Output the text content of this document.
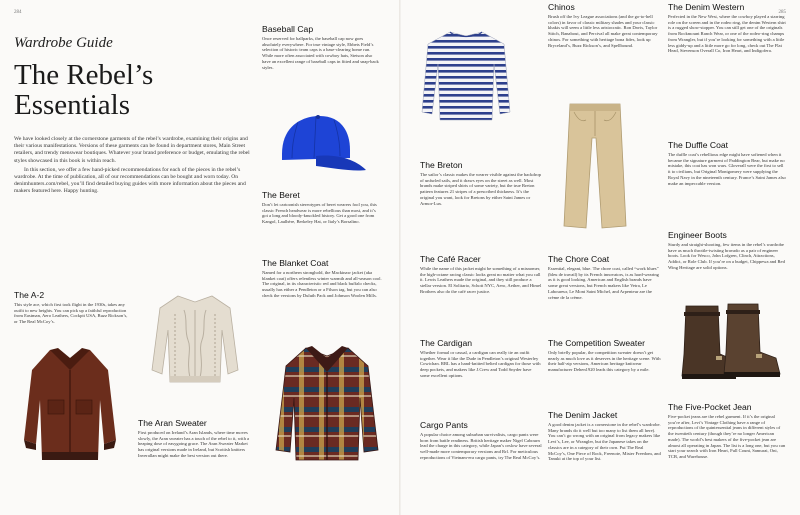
284	285
Wardrobe Guide
The Rebel’s
Essentials

We have looked closely at the cornerstone garments of the rebel’s wardrobe, examining their origins and their various manifestations. Versions of these garments can be found in department stores, Main Street retailers, and trendy menswear boutiques. Whatever your brand preference or budget, emulating the rebel styles showcased in this book is within reach.

In this section, we offer a few hand-picked recommendations for each of the pieces in the rebel’s wardrobe. At the time of publication, all of our recommendations can be bought and worn today. On denimhunters.com/rebel, you’ll find detailed buying guides with more information about the pieces and makers featured here. Happy hunting.

The A-2
This style ace, which first took flight in the 1930s, takes any outfit to new heights. You can pick up a faithful reproduction from Eastman, Aero Leathers, Cockpit USA, Buzz Rickson’s, or The Real McCoy’s.
The Aran Sweater
First produced on Ireland’s Aran Islands, where time moves slowly, the Aran sweater has a touch of the rebel to it, with a heaping dose of easygoing grace. The Aran Sweater Market has original versions made in Ireland, but Scottish knitters Inverallan might make the best version out there.
Baseball Cap
Once reserved for ballparks, the baseball cap now goes absolutely everywhere. For true vintage style, Ebbets Field’s selection of historic team caps is a base-clearing home run. While more often associated with cowboy hats, Stetson also have an excellent range of baseball caps in fitted and snap-back styles.
The Beret
Don’t let cartoonish stereotypes of beret wearers fool you, this classic French headwear is more rebellious than most, and it’s got a long and bloody-knuckled history. Get a good one from Kangol, Laulhère, Berkeley Hat, or Italy’s Borsalino.
The Blanket Coat
Named for a northern stronghold, the Mackinaw jacket (aka blanket coat) offers relentless winter warmth and all-season cool. The original, in its characteristic red and black buffalo checks, usually has either a Pendleton or a Filson tag, but you can also check the versions by Duluth Pack and Johnson Woolen Mills.
The Breton
The sailor’s classic makes the wearer visible against the backdrop of unfurled sails, and it draws eyes on the street as well. Most brands make striped shirts of some variety, but the true Breton pattern features 21 stripes of a prescribed thickness. It’s the original you want, look for Bretons by either Saint James or Armor-Lux.
The Café Racer
While the name of this jacket might be something of a misnomer, the high-octane racing classic looks great no matter what you call it. Lewis Leathers made the original, and they still produce a stellar version. El Solitario, Schott NYC, Aero, Aether, and Himel Brothers also do the café racer justice.
The Cardigan
Whether formal or casual, a cardigan can really tie an outfit together. Wear it like the Dude in Pendleton’s original Westerley Cowichan. RRL has a hand-knitted belted cardigan for those with deep pockets, and makers like J.Crew and Todd Snyder have some excellent options.
Cargo Pants
A popular choice among suburban survivalists, cargo pants were born from battle readiness. British heritage maker Nigel Cabourn lead the charge in this category, while Japan’s orslow have several well-made more contemporary versions and Rrl. For meticulous reproductions of Vietnam-era cargo pants, try The Real McCoy’s.
Chinos
Brush off the Ivy League associations (and the go-to-hell colors) in favor of classic military shades and your classic khakis will seem a little less aristocratic. Ron Davis, Taylor Stitch, Banabout, and Percival all make great contemporary chinos. For something with heritage bona fides, look up Bryceland’s, Buzz Rickson’s, and Spellbound.
The Chore Coat
Essential, elegant, blue. The chore coat, called “work blues” (bleu de travail) by its French innovators, is as hard-wearing as it is good looking. American and English brands have some great versions, but French makers like Vetra, Le Laboureur, Le Mont Saint Michel, and Arpenteur are the crème de la crème.
The Competition Sweater
Only briefly popular, the competition sweater doesn’t get nearly as much love as it deserves in the heritage scene. With their half-zip versions, American heritage knitwear manufacturer Dehen1920 leads this category by a mile.
The Denim Jacket
A good denim jacket is a cornerstone in the rebel’s wardrobe. Many brands do it well but too many to list them all here). You can’t go wrong with an original from legacy makers like Levi’s, Lee, or Wrangler, but the Japanese takes on the classics are in a category of their own. Put The Real McCoy’s, One Piece of Rock, Freenote, Mister Freedom, and Tanuki at the top of your list.
The Denim Western
Perfected in the New West, where the cowboy played a starring role on the screen and in the rodeo ring, the denim Western shirt is a rugged show-stopper. You can still get one of the originals from Rockmount Ranch Wear, or one of the rodeo-ring champs from Wrangler, but if you’re looking for something with a little less giddy-up and a little more go for long, check out The Flat Head, Stevenson Overall Co, Iron Heart, and Indigofera.
The Duffle Coat
The duffle coat’s rebellious edge might have softened when it became the signature garment of Paddington Bear, but make no mistake, this coat has won wars. Gloverall were the first to sell it to civilians, but Original Montgomery were supplying the Royal Navy in the nineteenth century. France’s Saint James also make an impeccable version.
Engineer Boots
Sturdy and straight-shooting, few items in the rebel’s wardrobe have as much throttle-twisting bravado as a pair of engineer boots. Look for Wesco, John Lofgren, Clinch, Attractions, Addict, or Role Club. If you’re on a budget, Chippewa and Red Wing Heritage are solid options.
The Five-Pocket Jean
Five-pocket jeans are the rebel garment. If it’s the original you’re after, Levi’s Vintage Clothing have a range of reproductions of the quintessential jeans in different styles of the twentieth century (though they’re no longer American made). The world’s best makers of the five-pocket jean are almost all operating in Japan. The list is a long one, but you can start your search with Iron Heart, Full Count, Samurai, Oni, TCB, and Warehouse.
